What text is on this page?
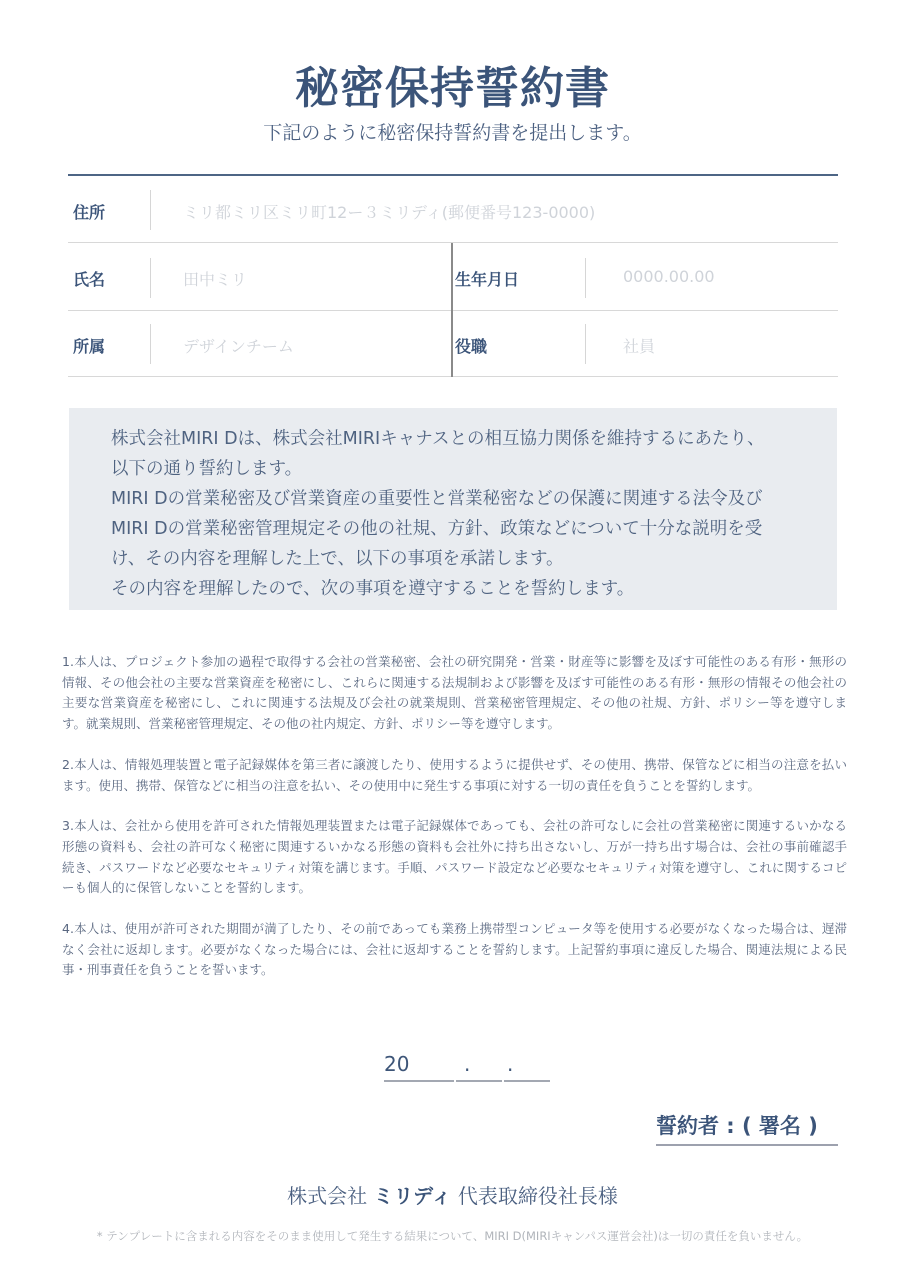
秘密保持誓約書
下記のように秘密保持誓約書を提出します。
住所	ミリ都ミリ区ミリ町12ー３ミリディ(郵便番号123-0000)
氏名	田中ミリ	生年月日	0000.00.00
所属	デザインチーム	役職	社員
株式会社MIRI Dは、株式会社MIRIキャナスとの相互協力関係を維持するにあたり、
以下の通り誓約します。
MIRI Dの営業秘密及び営業資産の重要性と営業秘密などの保護に関連する法令及び
MIRI Dの営業秘密管理規定その他の社規、方針、政策などについて十分な説明を受
け、その内容を理解した上で、以下の事項を承諾します。
その内容を理解したので、次の事項を遵守することを誓約します。

1.本人は、プロジェクト参加の過程で取得する会社の営業秘密、会社の研究開発・営業・財産等に影響を及ぼす可能性のある有形・無形の情報、その他会社の主要な営業資産を秘密にし、これらに関連する法規制および影響を及ぼす可能性のある有形・無形の情報その他会社の主要な営業資産を秘密にし、これに関連する法規及び会社の就業規則、営業秘密管理規定、その他の社規、方針、ポリシー等を遵守します。就業規則、営業秘密管理規定、その他の社内規定、方針、ポリシー等を遵守します。

2.本人は、情報処理装置と電子記録媒体を第三者に譲渡したり、使用するように提供せず、その使用、携帯、保管などに相当の注意を払います。使用、携帯、保管などに相当の注意を払い、その使用中に発生する事項に対する一切の責任を負うことを誓約します。

3.本人は、会社から使用を許可された情報処理装置または電子記録媒体であっても、会社の許可なしに会社の営業秘密に関連するいかなる形態の資料も、会社の許可なく秘密に関連するいかなる形態の資料も会社外に持ち出さないし、万が一持ち出す場合は、会社の事前確認手続き、パスワードなど必要なセキュリティ対策を講じます。手順、パスワード設定など必要なセキュリティ対策を遵守し、これに関するコピーも個人的に保管しないことを誓約します。

4.本人は、使用が許可された期間が満了したり、その前であっても業務上携帯型コンピュータ等を使用する必要がなくなった場合は、遅滞なく会社に返却します。必要がなくなった場合には、会社に返却することを誓約します。上記誓約事項に違反した場合、関連法規による民事・刑事責任を負うことを誓います。

20	.	.
誓約者 : ( 署名 )
株式会社 ミリディ 代表取締役社長様
* テンプレートに含まれる内容をそのまま使用して発生する結果について、MIRI D(MIRIキャンパス運営会社)は一切の責任を負いません。
